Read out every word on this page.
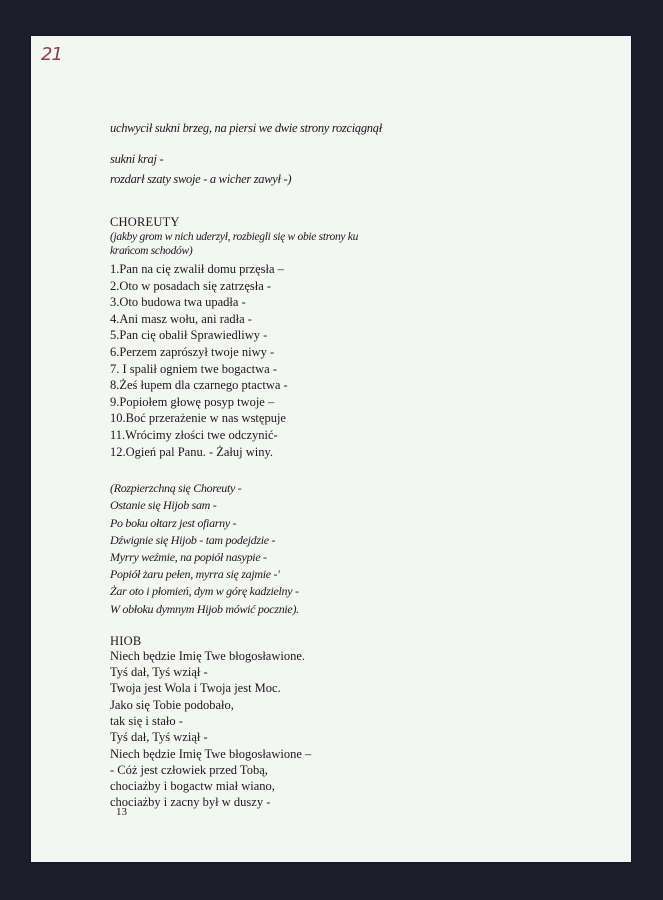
21
uchwycił sukni brzeg, na piersi we dwie strony rozciągnął
sukni kraj -
rozdarł szaty swoje - a wicher zawył -)
CHOREUTY
(jakby grom w nich uderzył, rozbiegli się w obie strony ku
krańcom schodów)
1.Pan na cię zwalił domu przęsła –
2.Oto w posadach się zatrzęsła -
3.Oto budowa twa upadła -
4.Ani masz wołu, ani radła -
5.Pan cię obalił Sprawiedliwy -
6.Perzem zaprószył twoje niwy -
7. I spalił ogniem twe bogactwa -
8.Żeś łupem dla czarnego ptactwa -
9.Popiołem głowę posyp twoje –
10.Boć przerażenie w nas wstępuje
11.Wrócimy złości twe odczynić-
12.Ogień pal Panu. - Żałuj winy.
(Rozpierzchną się Choreuty -
Ostanie się Hijob sam -
Po boku ołtarz jest ofiarny -
Dźwignie się Hijob - tam podejdzie -
Myrry weźmie, na popiół nasypie -
Popiół żaru pełen, myrra się zajmie -'
Żar oto i płomień, dym w górę kadzielny -
W obłoku dymnym Hijob mówić pocznie).
HIOB
Niech będzie Imię Twe błogosławione.
Tyś dał, Tyś wziął -
Twoja jest Wola i Twoja jest Moc.
Jako się Tobie podobało,
tak się i stało -
Tyś dał, Tyś wziął -
Niech będzie Imię Twe błogosławione –
- Cóż jest człowiek przed Tobą,
chociażby i bogactw miał wiano,
chociażby i zacny był w duszy -
13
